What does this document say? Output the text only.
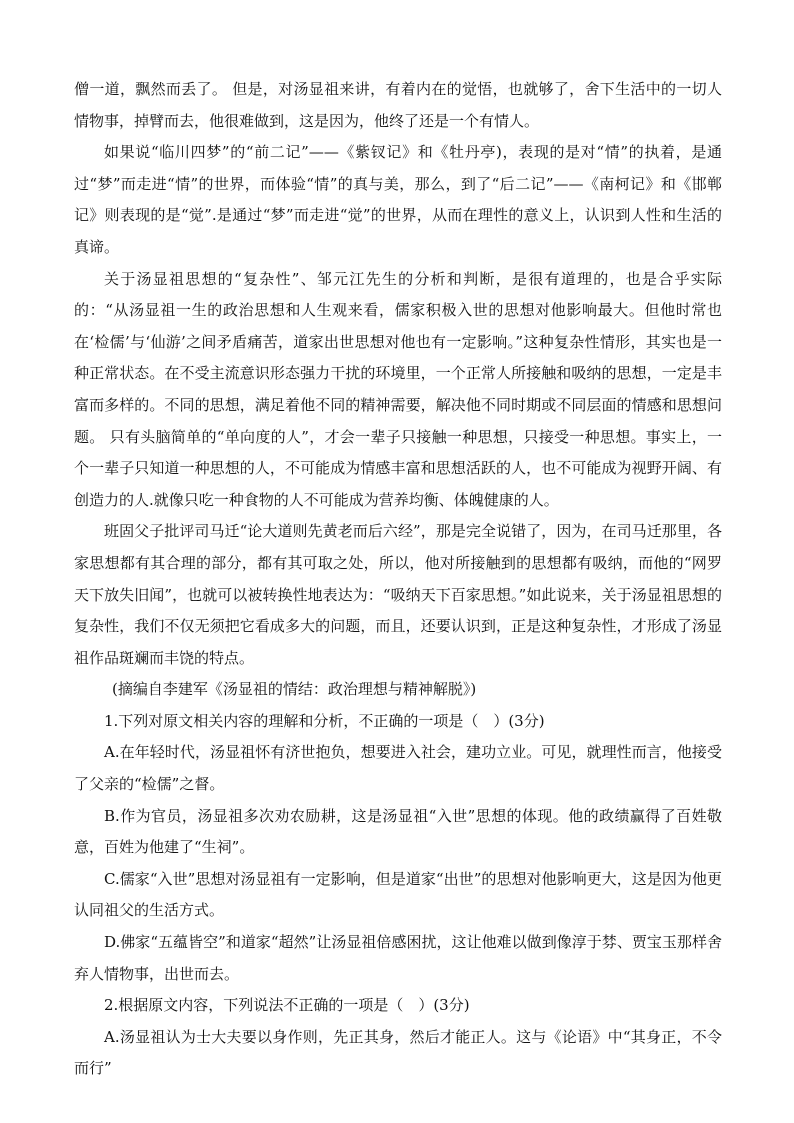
僧一道，飘然而丢了。 但是，对汤显祖来讲，有着内在的觉悟，也就够了，舍下生活中的一切人情物事，掉臂而去，他很难做到，这是因为，他终了还是一个有情人。

如果说“临川四梦”的“前二记”——《紫钗记》和《牡丹亭)，表现的是对“情”的执着，是通过“梦”而走进“情”的世界，而体验“情”的真与美，那么，到了“后二记”——《南柯记》和《邯郸记》则表现的是“觉”.是通过“梦”而走进“觉”的世界，从而在理性的意义上，认识到人性和生活的真谛。

关于汤显祖思想的“复杂性”、邹元江先生的分析和判断，是很有道理的，也是合乎实际的：“从汤显祖一生的政治思想和人生观来看，儒家积极入世的思想对他影响最大。但他时常也在‘检儒’与‘仙游’之间矛盾痛苦，道家出世思想对他也有一定影响。”这种复杂性情形，其实也是一种正常状态。在不受主流意识形态强力干扰的环境里，一个正常人所接触和吸纳的思想，一定是丰富而多样的。不同的思想，满足着他不同的精神需要，解决他不同时期或不同层面的情感和思想问题。 只有头脑简单的“单向度的人”，才会一辈子只接触一种思想，只接受一种思想。事实上，一个一辈子只知道一种思想的人，不可能成为情感丰富和思想活跃的人，也不可能成为视野开阔、有创造力的人.就像只吃一种食物的人不可能成为营养均衡、体魄健康的人。

班固父子批评司马迁“论大道则先黄老而后六经”，那是完全说错了，因为，在司马迁那里，各家思想都有其合理的部分，都有其可取之处，所以，他对所接触到的思想都有吸纳，而他的“网罗天下放失旧闻”，也就可以被转换性地表达为：“吸纳天下百家思想。”如此说来，关于汤显祖思想的复杂性，我们不仅无须把它看成多大的问题，而且，还要认识到，正是这种复杂性，才形成了汤显祖作品斑斓而丰饶的特点。

(摘编自李建军《汤显祖的情结：政治理想与精神解脱》)

1.下列对原文相关内容的理解和分析，不正确的一项是（　）(3分)

A.在年轻时代，汤显祖怀有济世抱负，想要进入社会，建功立业。可见，就理性而言，他接受了父亲的“检儒”之督。

B.作为官员，汤显祖多次劝农励耕，这是汤显祖“入世”思想的体现。他的政绩赢得了百姓敬意，百姓为他建了“生祠”。

C.儒家“入世”思想对汤显祖有一定影响，但是道家“出世”的思想对他影响更大，这是因为他更认同祖父的生活方式。

D.佛家“五蕴皆空”和道家“超然”让汤显祖倍感困扰，这让他难以做到像淳于棼、贾宝玉那样舍弃人情物事，出世而去。

2.根据原文内容，下列说法不正确的一项是（　）(3分)

A.汤显祖认为士大夫要以身作则，先正其身，然后才能正人。这与《论语》中“其身正，不令而行”
